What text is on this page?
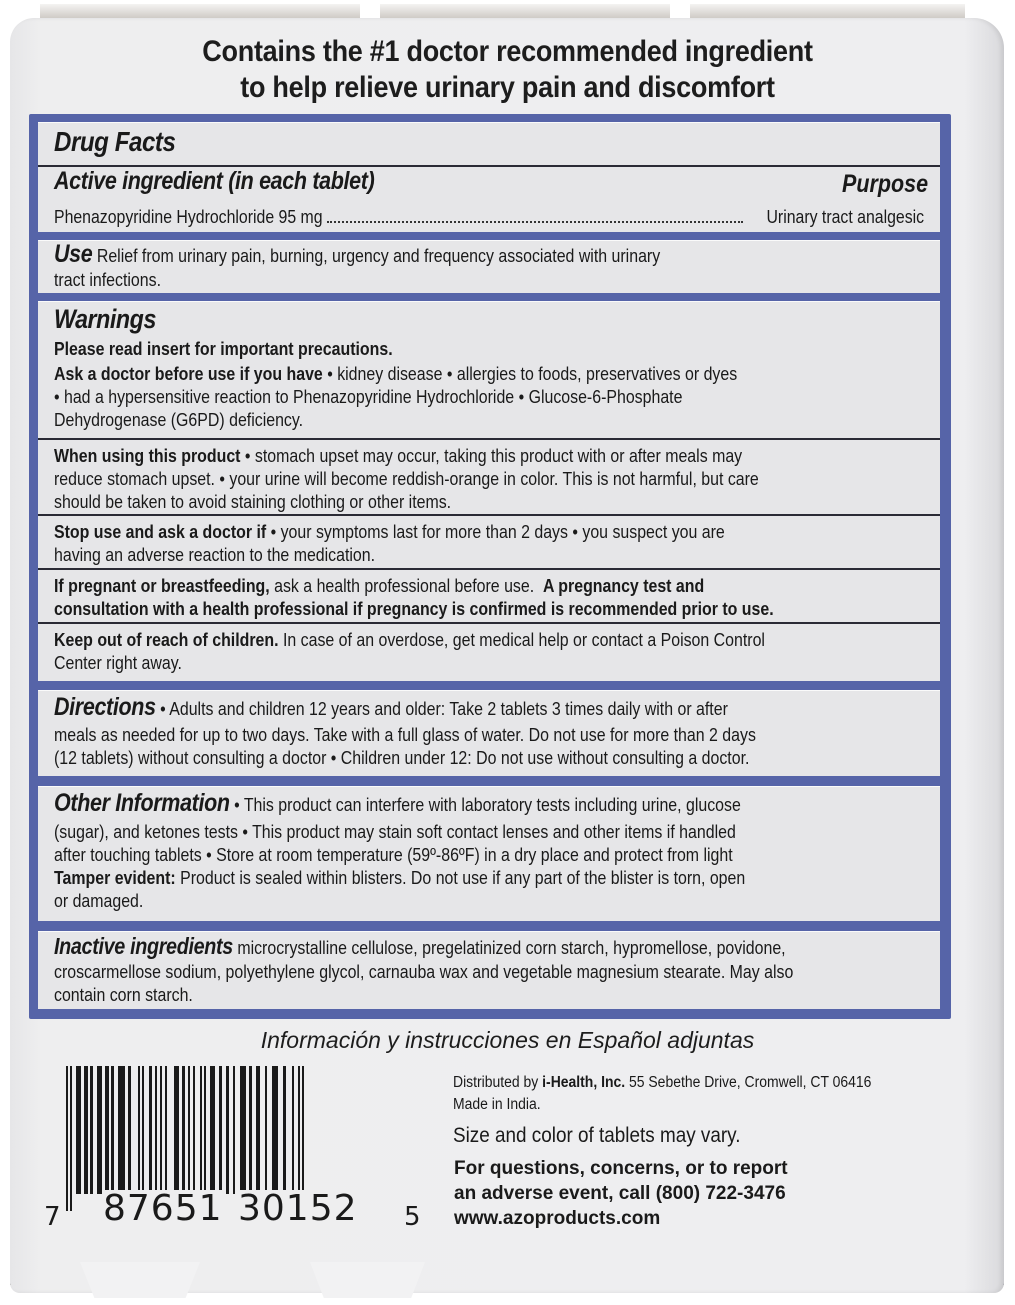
Contains the #1 doctor recommended ingredient
to help relieve urinary pain and discomfort
Drug Facts
Active ingredient (in each tablet)	Purpose
Phenazopyridine Hydrochloride 95 mg	Urinary tract analgesic
Use Relief from urinary pain, burning, urgency and frequency associated with urinary
tract infections.
Warnings
Please read insert for important precautions.
Ask a doctor before use if you have • kidney disease • allergies to foods, preservatives or dyes
• had a hypersensitive reaction to Phenazopyridine Hydrochloride • Glucose-6-Phosphate
Dehydrogenase (G6PD) deficiency.
When using this product • stomach upset may occur, taking this product with or after meals may
reduce stomach upset. • your urine will become reddish-orange in color. This is not harmful, but care
should be taken to avoid staining clothing or other items.
Stop use and ask a doctor if • your symptoms last for more than 2 days • you suspect you are
having an adverse reaction to the medication.
If pregnant or breastfeeding, ask a health professional before use.  A pregnancy test and
consultation with a health professional if pregnancy is confirmed is recommended prior to use.
Keep out of reach of children. In case of an overdose, get medical help or contact a Poison Control
Center right away.
Directions • Adults and children 12 years and older: Take 2 tablets 3 times daily with or after
meals as needed for up to two days. Take with a full glass of water. Do not use for more than 2 days
(12 tablets) without consulting a doctor • Children under 12: Do not use without consulting a doctor.
Other Information • This product can interfere with laboratory tests including urine, glucose
(sugar), and ketones tests • This product may stain soft contact lenses and other items if handled
after touching tablets • Store at room temperature (59º-86ºF) in a dry place and protect from light
Tamper evident: Product is sealed within blisters. Do not use if any part of the blister is torn, open
or damaged.
Inactive ingredients microcrystalline cellulose, pregelatinized corn starch, hypromellose, povidone,
croscarmellose sodium, polyethylene glycol, carnauba wax and vegetable magnesium stearate. May also
contain corn starch.
Información y instrucciones en Español adjuntas
7 87651 30152 5
Distributed by i-Health, Inc. 55 Sebethe Drive, Cromwell, CT 06416
Made in India.
Size and color of tablets may vary.
For questions, concerns, or to report
an adverse event, call (800) 722-3476
www.azoproducts.com
